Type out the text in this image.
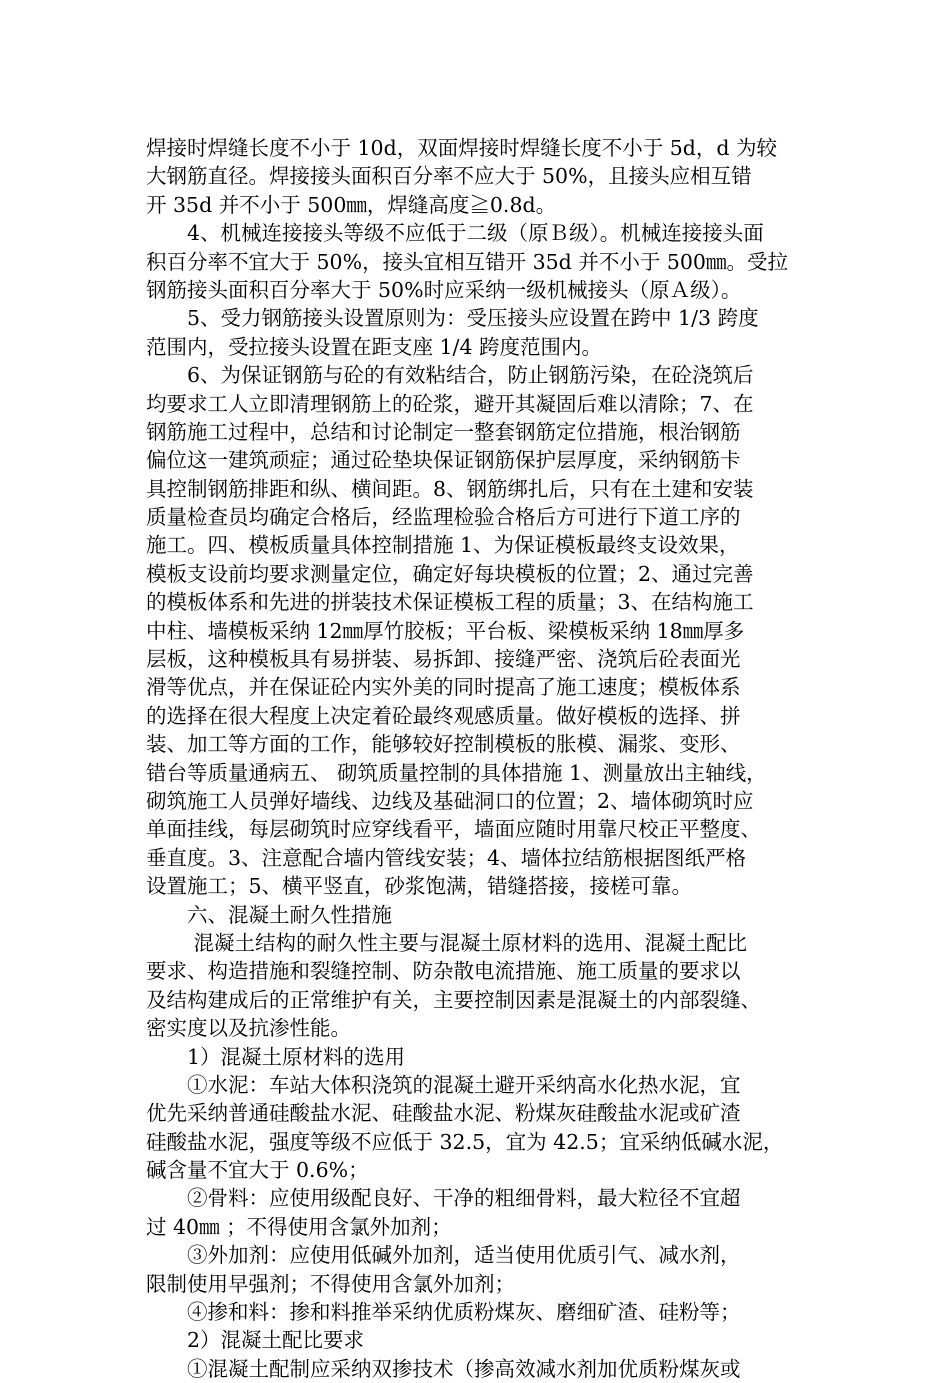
焊接时焊缝长度不小于 10d，双面焊接时焊缝长度不小于 5d，d 为较
大钢筋直径。焊接接头面积百分率不应大于 50%，且接头应相互错
开 35d 并不小于 500㎜，焊缝高度≧0.8d。
　　4、机械连接接头等级不应低于二级（原Ｂ级）。机械连接接头面
积百分率不宜大于 50%，接头宜相互错开 35d 并不小于 500㎜。受拉
钢筋接头面积百分率大于 50%时应采纳一级机械接头（原Ａ级）。
　　5、受力钢筋接头设置原则为：受压接头应设置在跨中 1/3 跨度
范围内，受拉接头设置在距支座 1/4 跨度范围内。
　　6、为保证钢筋与砼的有效粘结合，防止钢筋污染，在砼浇筑后
均要求工人立即清理钢筋上的砼浆，避开其凝固后难以清除；7、在
钢筋施工过程中，总结和讨论制定一整套钢筋定位措施，根治钢筋
偏位这一建筑顽症；通过砼垫块保证钢筋保护层厚度，采纳钢筋卡
具控制钢筋排距和纵、横间距。8、钢筋绑扎后，只有在土建和安装
质量检查员均确定合格后，经监理检验合格后方可进行下道工序的
施工。四、模板质量具体控制措施 1、为保证模板最终支设效果，
模板支设前均要求测量定位，确定好每块模板的位置；2、通过完善
的模板体系和先进的拼装技术保证模板工程的质量；3、在结构施工
中柱、墙模板采纳 12㎜厚竹胶板；平台板、梁模板采纳 18㎜厚多
层板，这种模板具有易拼装、易拆卸、接缝严密、浇筑后砼表面光
滑等优点，并在保证砼内实外美的同时提高了施工速度；模板体系
的选择在很大程度上决定着砼最终观感质量。做好模板的选择、拼
装、加工等方面的工作，能够较好控制模板的胀模、漏浆、变形、
错台等质量通病五、 砌筑质量控制的具体措施 1、测量放出主轴线，
砌筑施工人员弹好墙线、边线及基础洞口的位置；2、墙体砌筑时应
单面挂线，每层砌筑时应穿线看平，墙面应随时用靠尺校正平整度、
垂直度。3、注意配合墙内管线安装；4、墙体拉结筋根据图纸严格
设置施工；5、横平竖直，砂浆饱满，错缝搭接，接槎可靠。
　　六、混凝土耐久性措施
　　 混凝土结构的耐久性主要与混凝土原材料的选用、混凝土配比
要求、构造措施和裂缝控制、防杂散电流措施、施工质量的要求以
及结构建成后的正常维护有关，主要控制因素是混凝土的内部裂缝、
密实度以及抗渗性能。
　　1）混凝土原材料的选用
　　①水泥：车站大体积浇筑的混凝土避开采纳高水化热水泥，宜
优先采纳普通硅酸盐水泥、硅酸盐水泥、粉煤灰硅酸盐水泥或矿渣
硅酸盐水泥，强度等级不应低于 32.5，宜为 42.5；宜采纳低碱水泥，
碱含量不宜大于 0.6%；
　　②骨料：应使用级配良好、干净的粗细骨料，最大粒径不宜超
过 40㎜ ；不得使用含氯外加剂；
　　③外加剂：应使用低碱外加剂，适当使用优质引气、减水剂，
限制使用早强剂；不得使用含氯外加剂；
　　④掺和料：掺和料推举采纳优质粉煤灰、磨细矿渣、硅粉等；
　　2）混凝土配比要求
　　①混凝土配制应采纳双掺技术（掺高效减水剂加优质粉煤灰或
